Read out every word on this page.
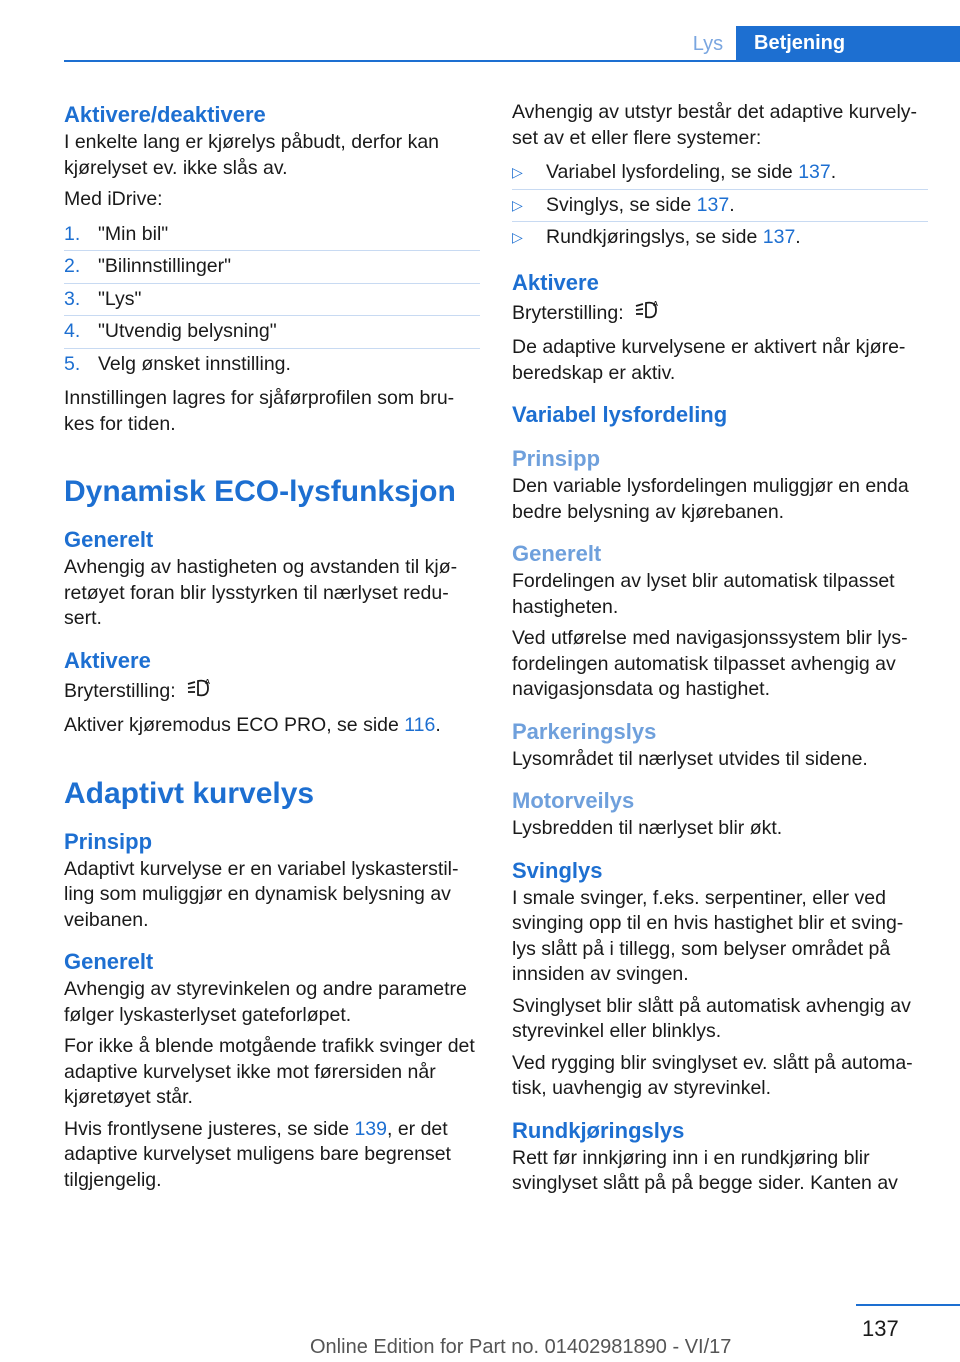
Lys	Betjening
Aktivere/deaktivere

I enkelte lang er kjørelys påbudt, derfor kan kjørelyset ev. ikke slås av.

Med iDrive:

1. "Min bil"
2. "Bilinnstillinger"
3. "Lys"
4. "Utvendig belysning"
5. Velg ønsket innstilling.

Innstillingen lagres for sjåførprofilen som bru‐ kes for tiden.

Dynamisk ECO-lysfunksjon
Generelt

Avhengig av hastigheten og avstanden til kjø‐ retøyet foran blir lysstyrken til nærlyset redu‐ sert.

Aktivere

Bryterstilling:	A

Aktiver kjøremodus ECO PRO, se side 116.

Adaptivt kurvelys
Prinsipp

Adaptivt kurvelyse er en variabel lyskasterstil‐ ling som muliggjør en dynamisk belysning av veibanen.

Generelt

Avhengig av styrevinkelen og andre parametre følger lyskasterlyset gateforløpet.

For ikke å blende motgående trafikk svinger det adaptive kurvelyset ikke mot førersiden når kjøretøyet står.

Hvis frontlysene justeres, se side 139, er det adaptive kurvelyset muligens bare begrenset tilgjengelig.

Avhengig av utstyr består det adaptive kurvely‐ set av et eller flere systemer:

▷	Variabel lysfordeling, se side 137.
▷	Svinglys, se side 137.
▷	Rundkjøringslys, se side 137.
Aktivere

Bryterstilling:	A

De adaptive kurvelysene er aktivert når kjøre‐ beredskap er aktiv.

Variabel lysfordeling
Prinsipp

Den variable lysfordelingen muliggjør en enda bedre belysning av kjørebanen.

Generelt

Fordelingen av lyset blir automatisk tilpasset hastigheten.

Ved utførelse med navigasjonssystem blir lys‐ fordelingen automatisk tilpasset avhengig av navigasjonsdata og hastighet.

Parkeringslys

Lysområdet til nærlyset utvides til sidene.

Motorveilys

Lysbredden til nærlyset blir økt.

Svinglys

I smale svinger, f.eks. serpentiner, eller ved svinging opp til en hvis hastighet blir et sving‐ lys slått på i tillegg, som belyser området på innsiden av svingen.

Svinglyset blir slått på automatisk avhengig av styrevinkel eller blinklys.

Ved rygging blir svinglyset ev. slått på automa‐ tisk, uavhengig av styrevinkel.

Rundkjøringslys

Rett før innkjøring inn i en rundkjøring blir svinglyset slått på på begge sider. Kanten av

137
Online Edition for Part no. 01402981890 - VI/17
